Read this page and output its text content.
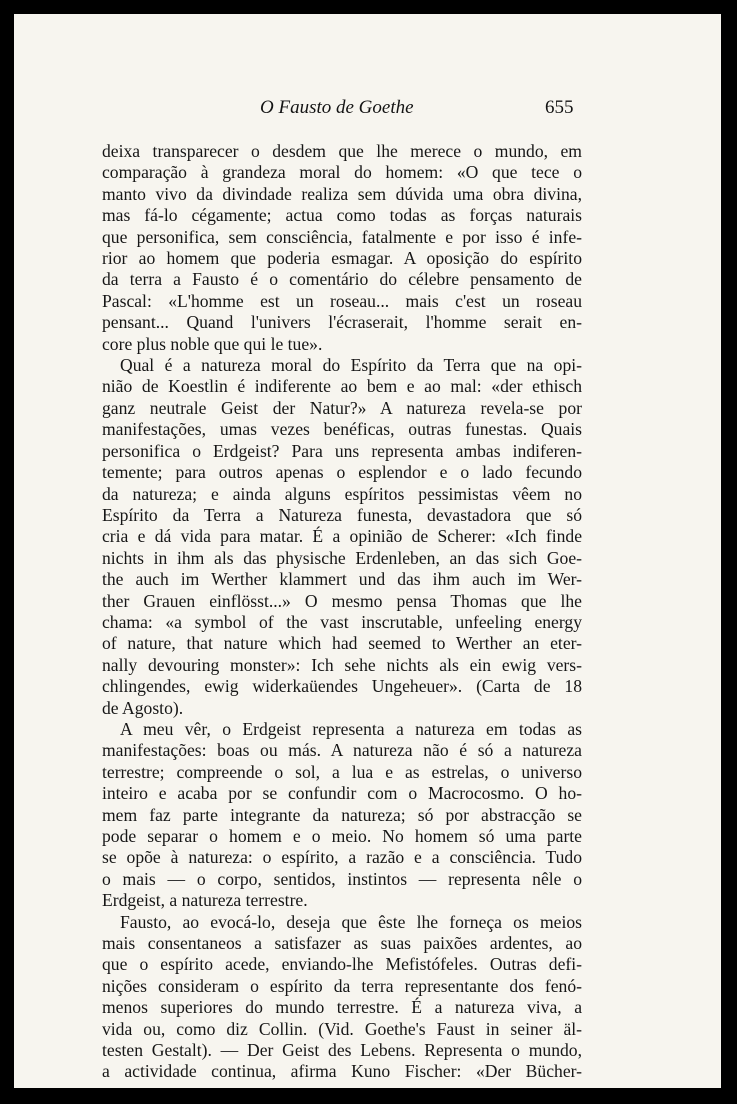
O Fausto de Goethe	655
deixa transparecer o desdem que lhe merece o mundo, em
comparação à grandeza moral do homem: «O que tece o
manto vivo da divindade realiza sem dúvida uma obra divina,
mas fá-lo cégamente; actua como todas as forças naturais
que personifica, sem consciência, fatalmente e por isso é infe-
rior ao homem que poderia esmagar. A oposição do espírito
da terra a Fausto é o comentário do célebre pensamento de
Pascal: «L'homme est un roseau... mais c'est un roseau
pensant... Quand l'univers l'écraserait, l'homme serait en-
core plus noble que qui le tue».
Qual é a natureza moral do Espírito da Terra que na opi-
nião de Koestlin é indiferente ao bem e ao mal: «der ethisch
ganz neutrale Geist der Natur?» A natureza revela-se por
manifestações, umas vezes benéficas, outras funestas. Quais
personifica o Erdgeist? Para uns representa ambas indiferen-
temente; para outros apenas o esplendor e o lado fecundo
da natureza; e ainda alguns espíritos pessimistas vêem no
Espírito da Terra a Natureza funesta, devastadora que só
cria e dá vida para matar. É a opinião de Scherer: «Ich finde
nichts in ihm als das physische Erdenleben, an das sich Goe-
the auch im Werther klammert und das ihm auch im Wer-
ther Grauen einflösst...» O mesmo pensa Thomas que lhe
chama: «a symbol of the vast inscrutable, unfeeling energy
of nature, that nature which had seemed to Werther an eter-
nally devouring monster»: Ich sehe nichts als ein ewig vers-
chlingendes, ewig widerkaüendes Ungeheuer». (Carta de 18
de Agosto).
A meu vêr, o Erdgeist representa a natureza em todas as
manifestações: boas ou más. A natureza não é só a natureza
terrestre; compreende o sol, a lua e as estrelas, o universo
inteiro e acaba por se confundir com o Macrocosmo. O ho-
mem faz parte integrante da natureza; só por abstracção se
pode separar o homem e o meio. No homem só uma parte
se opõe à natureza: o espírito, a razão e a consciência. Tudo
o mais — o corpo, sentidos, instintos — representa nêle o
Erdgeist, a natureza terrestre.
Fausto, ao evocá-lo, deseja que êste lhe forneça os meios
mais consentaneos a satisfazer as suas paixões ardentes, ao
que o espírito acede, enviando-lhe Mefistófeles. Outras defi-
nições consideram o espírito da terra representante dos fenó-
menos superiores do mundo terrestre. É a natureza viva, a
vida ou, como diz Collin. (Vid. Goethe's Faust in seiner äl-
testen Gestalt). — Der Geist des Lebens. Representa o mundo,
a actividade continua, afirma Kuno Fischer: «Der Bücher-
